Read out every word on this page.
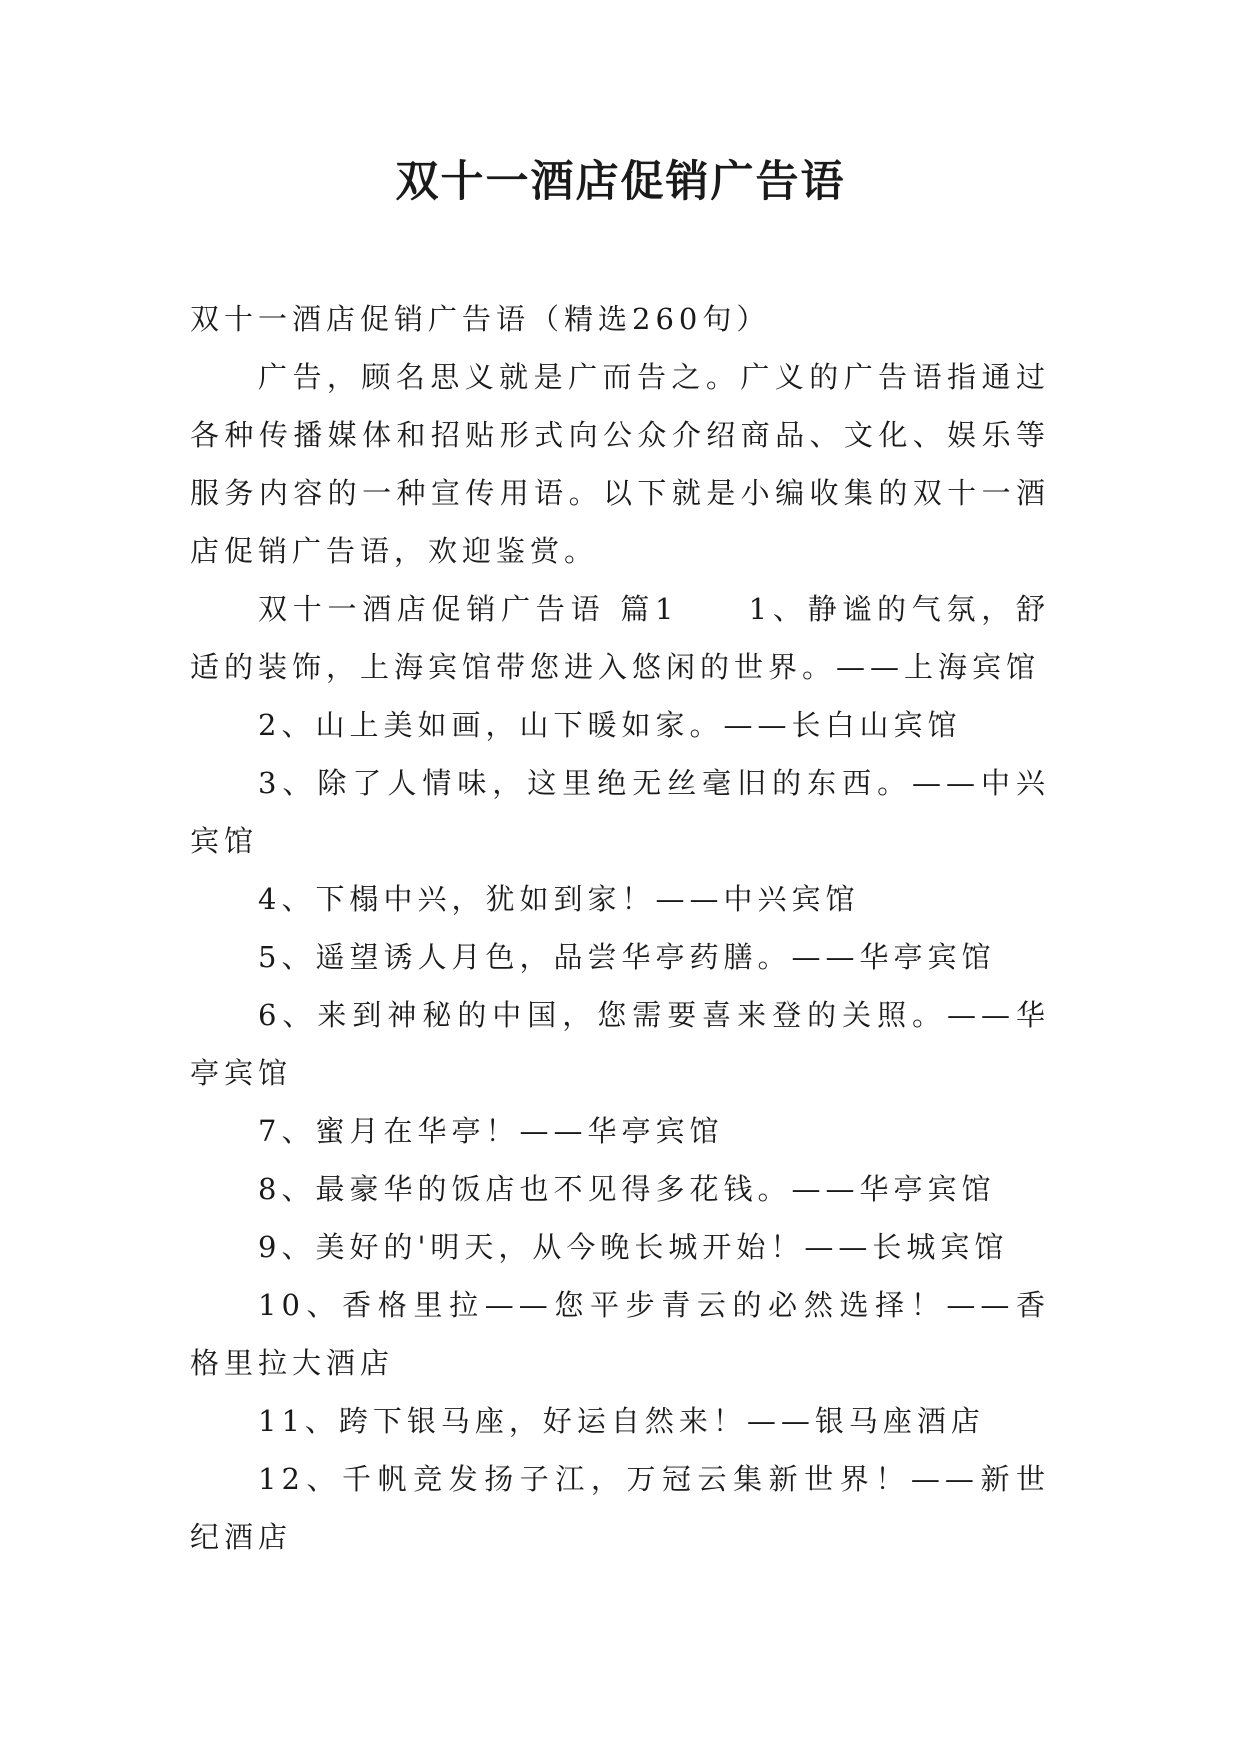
双十一酒店促销广告语

双十一酒店促销广告语（精选260句）

广告，顾名思义就是广而告之。广义的广告语指通过各种传播媒体和招贴形式向公众介绍商品、文化、娱乐等服务内容的一种宣传用语。以下就是小编收集的双十一酒店促销广告语，欢迎鉴赏。

双十一酒店促销广告语 篇1　　 1、静谧的气氛，舒适的装饰，上海宾馆带您进入悠闲的世界。——上海宾馆

2、山上美如画，山下暖如家。——长白山宾馆

3、除了人情味，这里绝无丝毫旧的东西。——中兴宾馆

4、下榻中兴，犹如到家！——中兴宾馆

5、遥望诱人月色，品尝华亭药膳。——华亭宾馆

6、来到神秘的中国，您需要喜来登的关照。——华亭宾馆

7、蜜月在华亭！——华亭宾馆

8、最豪华的饭店也不见得多花钱。——华亭宾馆

9、美好的'明天，从今晚长城开始！——长城宾馆

10、香格里拉——您平步青云的必然选择！——香格里拉大酒店

11、跨下银马座，好运自然来！——银马座酒店

12、千帆竞发扬子江，万冠云集新世界！——新世纪酒店
